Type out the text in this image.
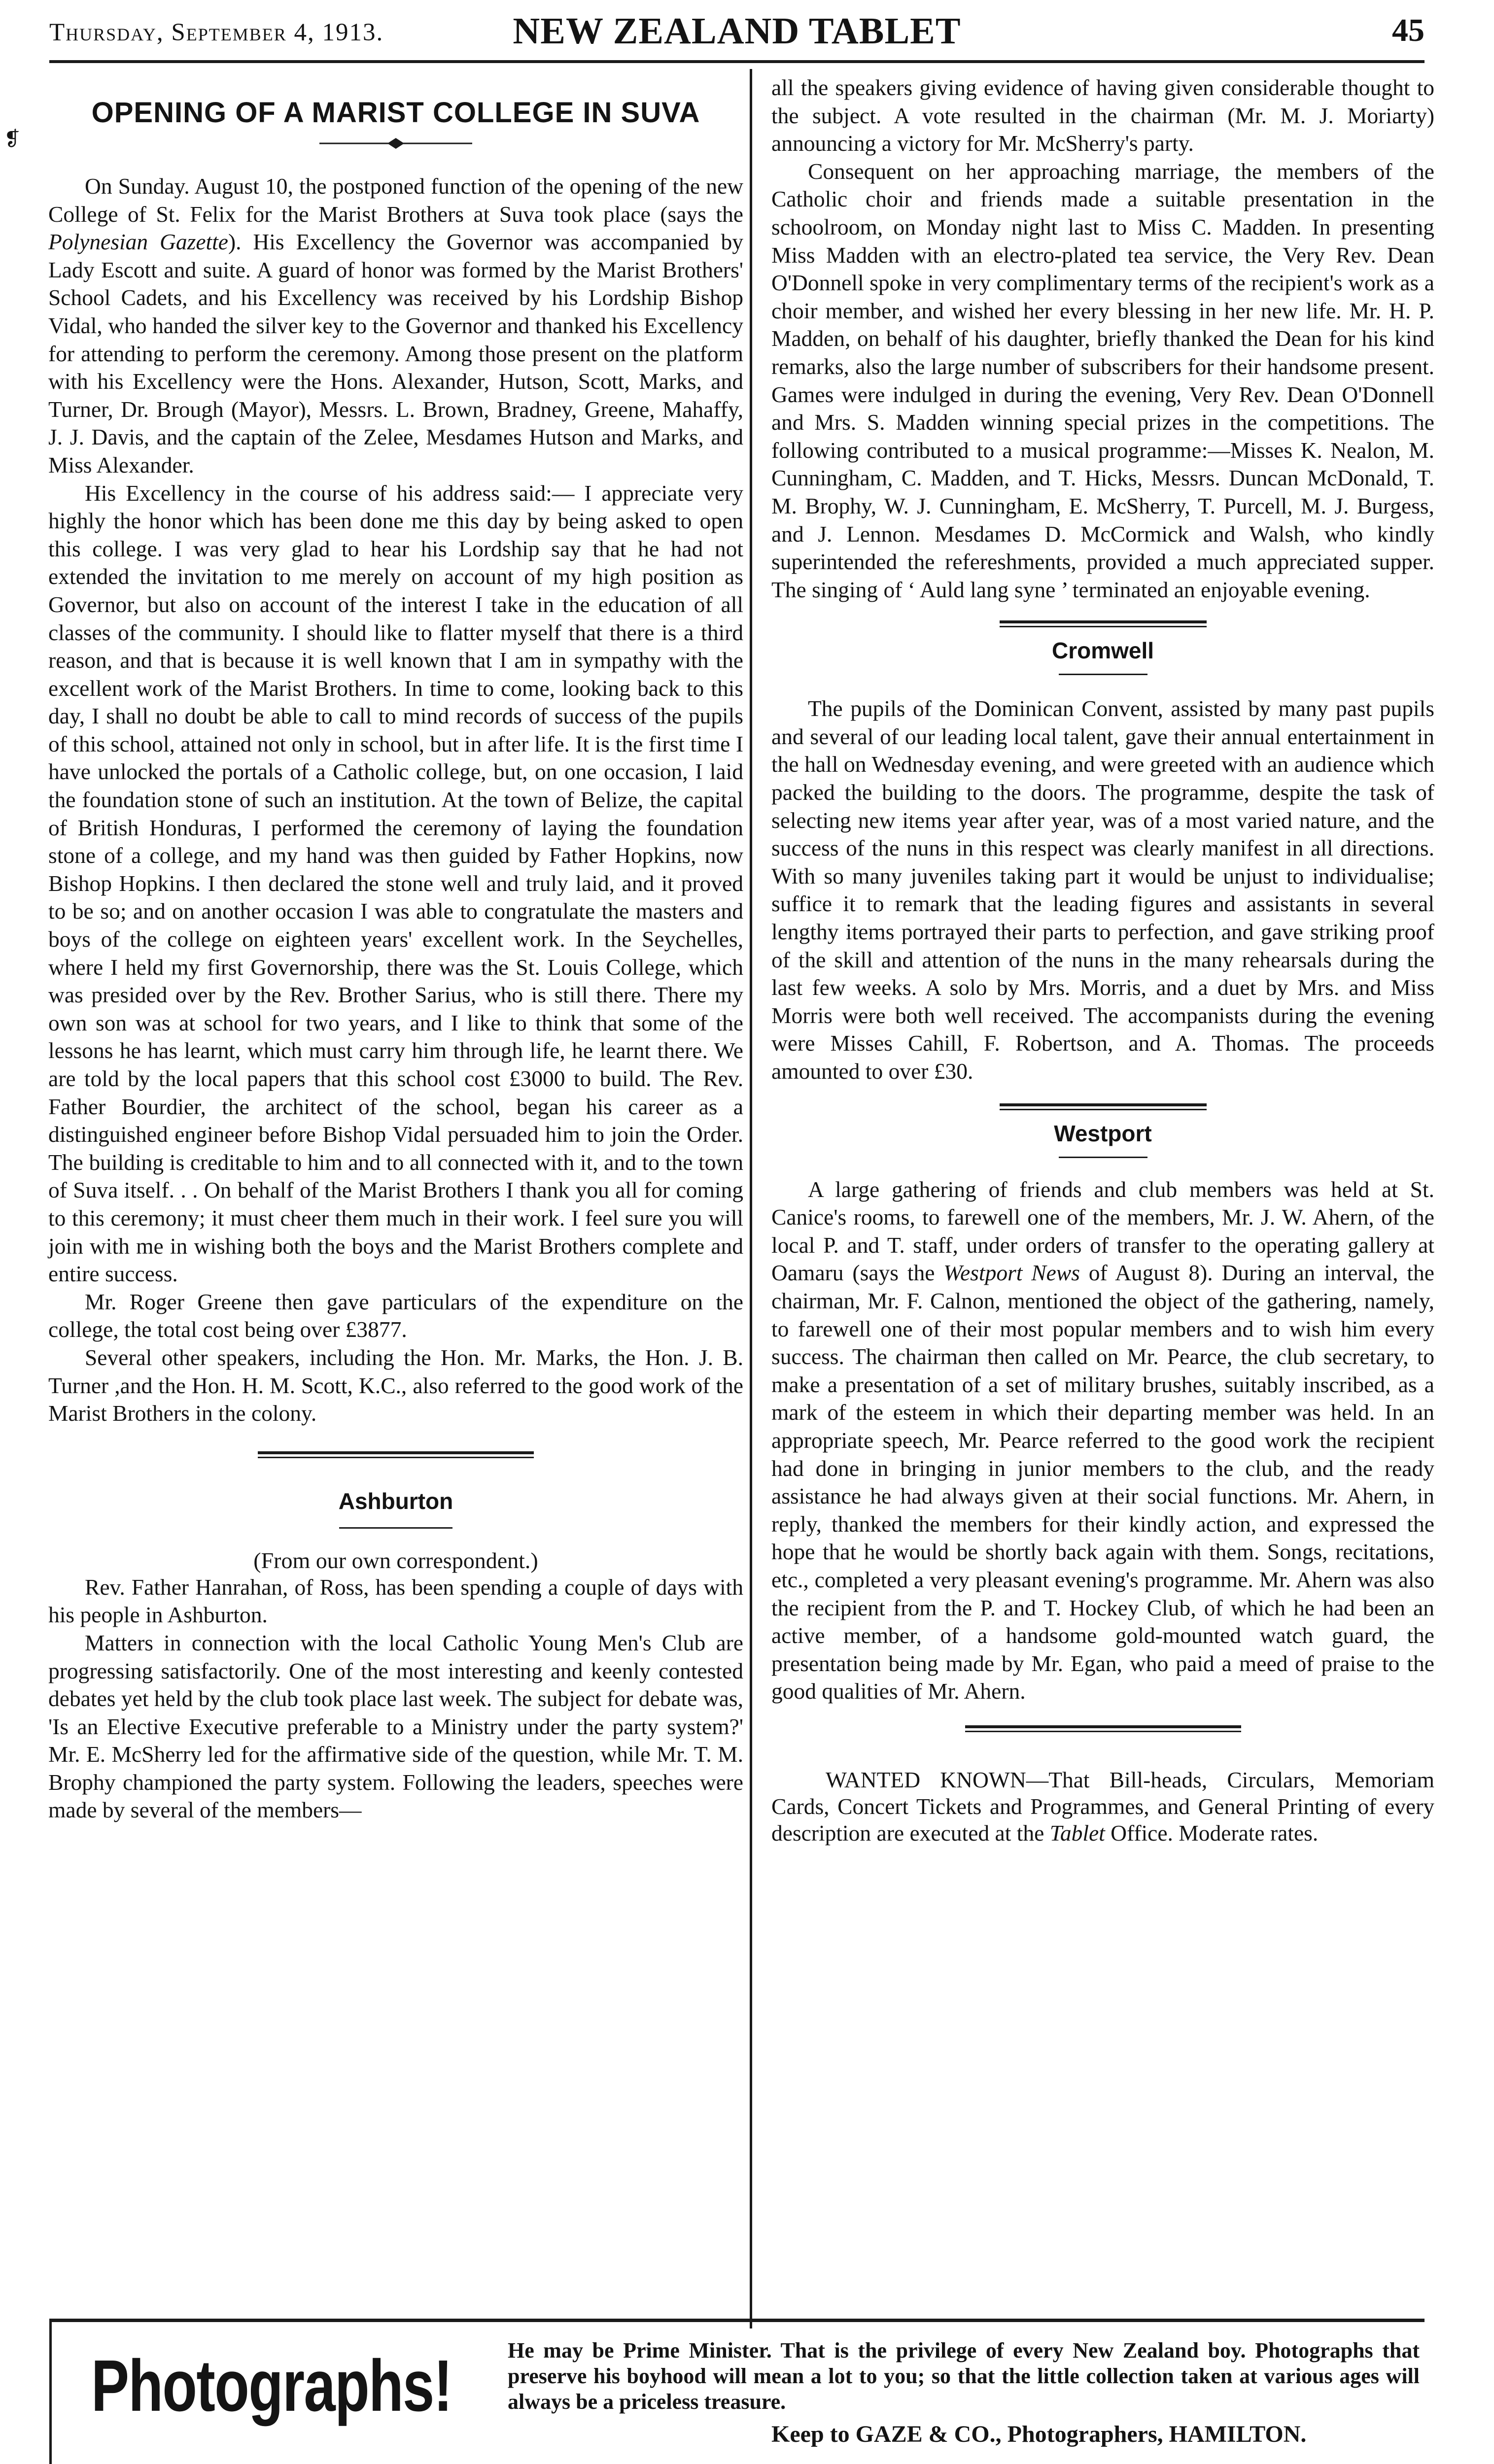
Thursday, September 4, 1913.	NEW ZEALAND TABLET	45
OPENING OF A MARIST COLLEGE IN SUVA

On Sunday. August 10, the postponed function of the opening of the new College of St. Felix for the Marist Brothers at Suva took place (says the Polynesian Gazette). His Excellency the Governor was accompanied by Lady Escott and suite. A guard of honor was formed by the Marist Brothers' School Cadets, and his Excellency was received by his Lordship Bishop Vidal, who handed the silver key to the Governor and thanked his Excellency for attending to perform the ceremony. Among those present on the platform with his Excellency were the Hons. Alexander, Hutson, Scott, Marks, and Turner, Dr. Brough (Mayor), Messrs. L. Brown, Bradney, Greene, Mahaffy, J. J. Davis, and the captain of the Zelee, Mesdames Hutson and Marks, and Miss Alexander.

His Excellency in the course of his address said:— I appreciate very highly the honor which has been done me this day by being asked to open this college. I was very glad to hear his Lordship say that he had not extended the invitation to me merely on account of my high position as Governor, but also on account of the interest I take in the education of all classes of the community. I should like to flatter myself that there is a third reason, and that is because it is well known that I am in sympathy with the excellent work of the Marist Brothers. In time to come, looking back to this day, I shall no doubt be able to call to mind records of success of the pupils of this school, attained not only in school, but in after life. It is the first time I have unlocked the portals of a Catholic college, but, on one occasion, I laid the foundation stone of such an institution. At the town of Belize, the capital of British Honduras, I performed the ceremony of laying the foundation stone of a college, and my hand was then guided by Father Hopkins, now Bishop Hopkins. I then declared the stone well and truly laid, and it proved to be so; and on another occasion I was able to congratulate the masters and boys of the college on eighteen years' excellent work. In the Seychelles, where I held my first Governorship, there was the St. Louis College, which was presided over by the Rev. Brother Sarius, who is still there. There my own son was at school for two years, and I like to think that some of the lessons he has learnt, which must carry him through life, he learnt there. We are told by the local papers that this school cost £3000 to build. The Rev. Father Bourdier, the architect of the school, began his career as a distinguished engineer before Bishop Vidal persuaded him to join the Order. The building is creditable to him and to all connected with it, and to the town of Suva itself. . . On behalf of the Marist Brothers I thank you all for coming to this ceremony; it must cheer them much in their work. I feel sure you will join with me in wishing both the boys and the Marist Brothers complete and entire success.

Mr. Roger Greene then gave particulars of the expenditure on the college, the total cost being over £3877.

Several other speakers, including the Hon. Mr. Marks, the Hon. J. B. Turner ,and the Hon. H. M. Scott, K.C., also referred to the good work of the Marist Brothers in the colony.

Ashburton

(From our own correspondent.)

Rev. Father Hanrahan, of Ross, has been spending a couple of days with his people in Ashburton.

Matters in connection with the local Catholic Young Men's Club are progressing satisfactorily. One of the most interesting and keenly contested debates yet held by the club took place last week. The subject for debate was, 'Is an Elective Executive preferable to a Ministry under the party system?' Mr. E. McSherry led for the affirmative side of the question, while Mr. T. M. Brophy championed the party system. Following the leaders, speeches were made by several of the members—

all the speakers giving evidence of having given considerable thought to the subject. A vote resulted in the chairman (Mr. M. J. Moriarty) announcing a victory for Mr. McSherry's party.

Consequent on her approaching marriage, the members of the Catholic choir and friends made a suitable presentation in the schoolroom, on Monday night last to Miss C. Madden. In presenting Miss Madden with an electro-plated tea service, the Very Rev. Dean O'Donnell spoke in very complimentary terms of the recipient's work as a choir member, and wished her every blessing in her new life. Mr. H. P. Madden, on behalf of his daughter, briefly thanked the Dean for his kind remarks, also the large number of subscribers for their handsome present. Games were indulged in during the evening, Very Rev. Dean O'Donnell and Mrs. S. Madden winning special prizes in the competitions. The following contributed to a musical programme:—Misses K. Nealon, M. Cunningham, C. Madden, and T. Hicks, Messrs. Duncan McDonald, T. M. Brophy, W. J. Cunningham, E. McSherry, T. Purcell, M. J. Burgess, and J. Lennon. Mesdames D. McCormick and Walsh, who kindly superintended the refereshments, provided a much appreciated supper. The singing of ‘ Auld lang syne ’ terminated an enjoyable evening.

Cromwell

The pupils of the Dominican Convent, assisted by many past pupils and several of our leading local talent, gave their annual entertainment in the hall on Wednesday evening, and were greeted with an audience which packed the building to the doors. The programme, despite the task of selecting new items year after year, was of a most varied nature, and the success of the nuns in this respect was clearly manifest in all directions. With so many juveniles taking part it would be unjust to individualise; suffice it to remark that the leading figures and assistants in several lengthy items portrayed their parts to perfection, and gave striking proof of the skill and attention of the nuns in the many rehearsals during the last few weeks. A solo by Mrs. Morris, and a duet by Mrs. and Miss Morris were both well received. The accompanists during the evening were Misses Cahill, F. Robertson, and A. Thomas. The proceeds amounted to over £30.

Westport

A large gathering of friends and club members was held at St. Canice's rooms, to farewell one of the members, Mr. J. W. Ahern, of the local P. and T. staff, under orders of transfer to the operating gallery at Oamaru (says the Westport News of August 8). During an interval, the chairman, Mr. F. Calnon, mentioned the object of the gathering, namely, to farewell one of their most popular members and to wish him every success. The chairman then called on Mr. Pearce, the club secretary, to make a presentation of a set of military brushes, suitably inscribed, as a mark of the esteem in which their departing member was held. In an appropriate speech, Mr. Pearce referred to the good work the recipient had done in bringing in junior members to the club, and the ready assistance he had always given at their social functions. Mr. Ahern, in reply, thanked the members for their kindly action, and expressed the hope that he would be shortly back again with them. Songs, recitations, etc., completed a very pleasant evening's programme. Mr. Ahern was also the recipient from the P. and T. Hockey Club, of which he had been an active member, of a handsome gold-mounted watch guard, the presentation being made by Mr. Egan, who paid a meed of praise to the good qualities of Mr. Ahern.

WANTED KNOWN—That Bill-heads, Circulars, Memoriam Cards, Concert Tickets and Programmes, and General Printing of every description are executed at the Tablet Office. Moderate rates.

❡
Photographs!	He may be Prime Minister. That is the privilege of every New Zealand boy. Photographs that preserve his boyhood will mean a lot to you; so that the little collection taken at various ages will always be a priceless treasure.
Keep to GAZE & CO., Photographers, HAMILTON.
